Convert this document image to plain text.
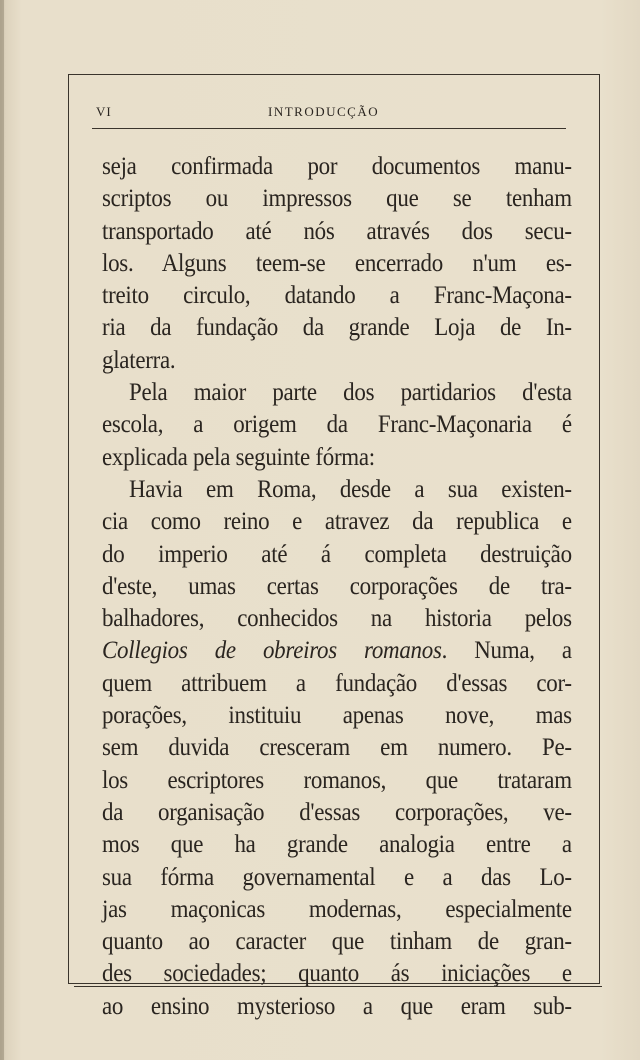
VI	INTRODUCÇÃO
seja confirmada por documentos manu-
scriptos ou impressos que se tenham
transportado até nós através dos secu-
los. Alguns teem-se encerrado n'um es-
treito circulo, datando a Franc-Maçona-
ria da fundação da grande Loja de In-
glaterra.
Pela maior parte dos partidarios d'esta
escola, a origem da Franc-Maçonaria é
explicada pela seguinte fórma:
Havia em Roma, desde a sua existen-
cia como reino e atravez da republica e
do imperio até á completa destruição
d'este, umas certas corporações de tra-
balhadores, conhecidos na historia pelos
Collegios de obreiros romanos. Numa, a
quem attribuem a fundação d'essas cor-
porações, instituiu apenas nove, mas
sem duvida cresceram em numero. Pe-
los escriptores romanos, que trataram
da organisação d'essas corporações, ve-
mos que ha grande analogia entre a
sua fórma governamental e a das Lo-
jas maçonicas modernas, especialmente
quanto ao caracter que tinham de gran-
des sociedades; quanto ás iniciações e
ao ensino mysterioso a que eram sub-
